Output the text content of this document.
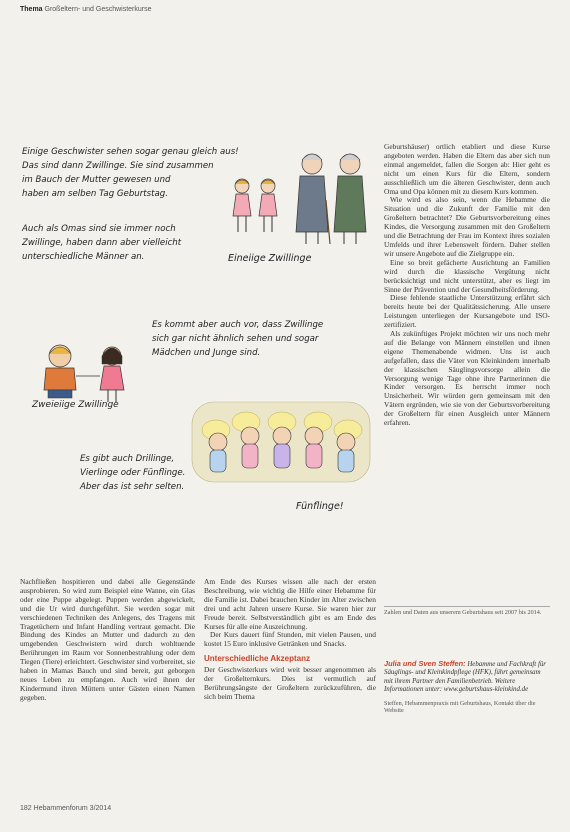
Thema Großeltern- und Geschwisterkurse
Einige Geschwister sehen sogar genau gleich aus!
Das sind dann Zwillinge. Sie sind zusammen
im Bauch der Mutter gewesen und
haben am selben Tag Geburtstag.
Auch als Omas sind sie immer noch
Zwillinge, haben dann aber vielleicht
unterschiedliche Männer an.	Eineiige Zwillinge
Es kommt aber auch vor, dass Zwillinge
sich gar nicht ähnlich sehen und sogar
Mädchen und Junge sind.
Zweieiige Zwillinge
Es gibt auch Drillinge,
Vierlinge oder Fünflinge.
Aber das ist sehr selten.
Fünflinge!

Geburtshäuser) ortlich etabliert und diese Kurse angeboten werden. Haben die Eltern das aber sich nun einmal angemeldet, fallen die Sorgen ab: Hier geht es nicht um einen Kurs für die Eltern, sondern ausschließlich um die älteren Geschwister, denn auch Oma und Opa können mit zu diesem Kurs kommen.

Wie wird es also sein, wenn die Hebamme die Situation und die Zukunft der Familie mit den Großeltern betrachtet? Die Geburtsvorbereitung eines Kindes, die Versorgung zusammen mit den Großeltern und die Betrachtung der Frau im Kontext ihres sozialen Umfelds und ihrer Lebenswelt fördern. Daher stellen wir unsere Angebote auf die Zielgruppe ein.

Eine so breit gefächerte Ausrichtung an Familien wird durch die klassische Vergütung nicht berücksichtigt und nicht unterstützt, aber es liegt im Sinne der Prävention und der Gesundheitsförderung.

Diese fehlende staatliche Unterstützung erfährt sich bereits heute bei der Qualitätssicherung. Alle unsere Leistungen unterliegen der Kursangebote und ISO-zertifiziert.

Als zukünftiges Projekt möchten wir uns noch mehr auf die Belange von Männern einstellen und ihnen eigene Themenabende widmen. Uns ist auch aufgefallen, dass die Väter von Kleinkindern innerhalb der klassischen Säuglingsvorsorge allein die Versorgung wenige Tage ohne ihre Partnerinnen die Kinder versorgen. Es herrscht immer noch Unsicherheit. Wir würden gern gemeinsam mit den Vätern ergründen, wie sie von der Geburtsvorbereitung der Großeltern für einen Ausgleich unter Männern erfahren.

Zahlen und Daten aus unserem Geburtshaus seit 2007 bis 2014.
Julia und Sven Steffen: Hebamme und Fachkraft für Säuglings- und Kleinkindpflege (HFK), führt gemeinsam mit ihrem Partner den Familienbetrieb. Weitere Informationen unter: www.geburtshaus-kleinkind.de
Steffen, Hebammenpraxis mit Geburtshaus, Kontakt über die Website

Nachfließen hospitieren und dabei alle Gegenstände ausprobieren. So wird zum Beispiel eine Wanne, ein Glas oder eine Puppe abgelegt. Puppen werden abgewickelt, und die Ur wird durchgeführt. Sie werden sogar mit verschiedenen Techniken des Anlegens, des Tragens mit Tragetüchern und Infant Handling vertraut gemacht. Die Bindung des Kindes an Mutter und dadurch zu den umgebenden Geschwistern wird durch wohltuende Berührungen im Raum vor Sonnenbestrahlung oder dem Tiegen (Tiere) erleichtert. Geschwister sind vorbereitet, sie haben in Mamas Bauch und sind bereit, gut geborgen neues Leben zu empfangen. Auch wird ihnen der Kindermund ihren Müttern unter Gästen einen Namen gegeben.

Am Ende des Kurses wissen alle nach der ersten Beschreibung, wie wichtig die Hilfe einer Hebamme für die Familie ist. Dabei brauchen Kinder im Alter zwischen drei und acht Jahren unsere Kurse. Sie waren hier zur Freude bereit. Selbstverständlich gibt es am Ende des Kurses für alle eine Auszeichnung.

Der Kurs dauert fünf Stunden, mit vielen Pausen, und kostet 15 Euro inklusive Getränken und Snacks.

Unterschiedliche Akzeptanz

Der Geschwisterkurs wird weit besser angenommen als der Großelternkurs. Dies ist vermutlich auf Berührungsängste der Großeltern zurückzuführen, die sich beim Thema

182 Hebammenforum 3/2014
